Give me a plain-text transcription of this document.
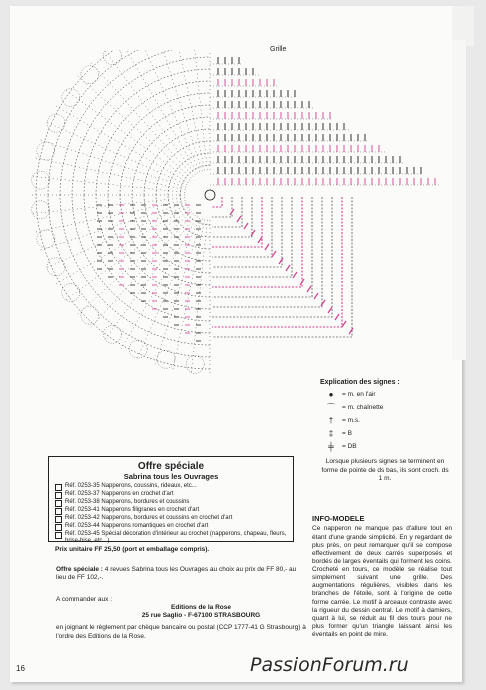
Grille
Explication des signes :
●	= m. en l'air
⌒	= m. chaînette
†	= m.s.
‡	= B
╪	= DB
Lorsque plusieurs signes se terminent en forme de pointe de ds bas, ils sont croch. ds 1 m.
INFO-MODELE
Ce napperon ne manque pas d'allure tout en étant d'une grande simplicité. En y regardant de plus près, on peut remarquer qu'il se compose effectivement de deux carrés superposés et bordés de larges éventails qui forment les coins. Crocheté en tours, ce modèle se réalise tout simplement suivant une grille. Des augmentations régulières, visibles dans les branches de l'étoile, sont à l'origine de cette forme carrée. Le motif à arceaux contraste avec la rigueur du dessin central. Le motif à damiers, quant à lui, se réduit au fil des tours pour ne plus former qu'un triangle laissant ainsi les éventails en point de mire.
Offre spéciale
Sabrina tous les Ouvrages
Réf. 0253-35 Napperons, coussins, rideaux, etc...
Réf. 0253-37 Napperons en crochet d'art
Réf. 0253-38 Napperons, bordures et coussins
Réf. 0253-41 Napperons filigranes en crochet d'art
Réf. 0253-42 Napperons, bordures et coussins en crochet d'art
Réf. 0253-44 Napperons romantiques en crochet d'art
Réf. 0253-45 Spécial décoration d'intérieur au crochet (napperons, chapeau, fleurs, brise-bise, etc...)
Prix unitaire FF 25,50 (port et emballage compris).
Offre spéciale : 4 revues Sabrina tous les Ouvrages au choix au prix de FF 80,- au lieu de FF 102,-.
A commander aux :
Editions de la Rose
25 rue Saglio - F-67100 STRASBOURG
en joignant le règlement par chèque bancaire ou postal (CCP 1777-41 G Strasbourg) à l'ordre des Editions de la Rose.
16	PassionForum.ru
